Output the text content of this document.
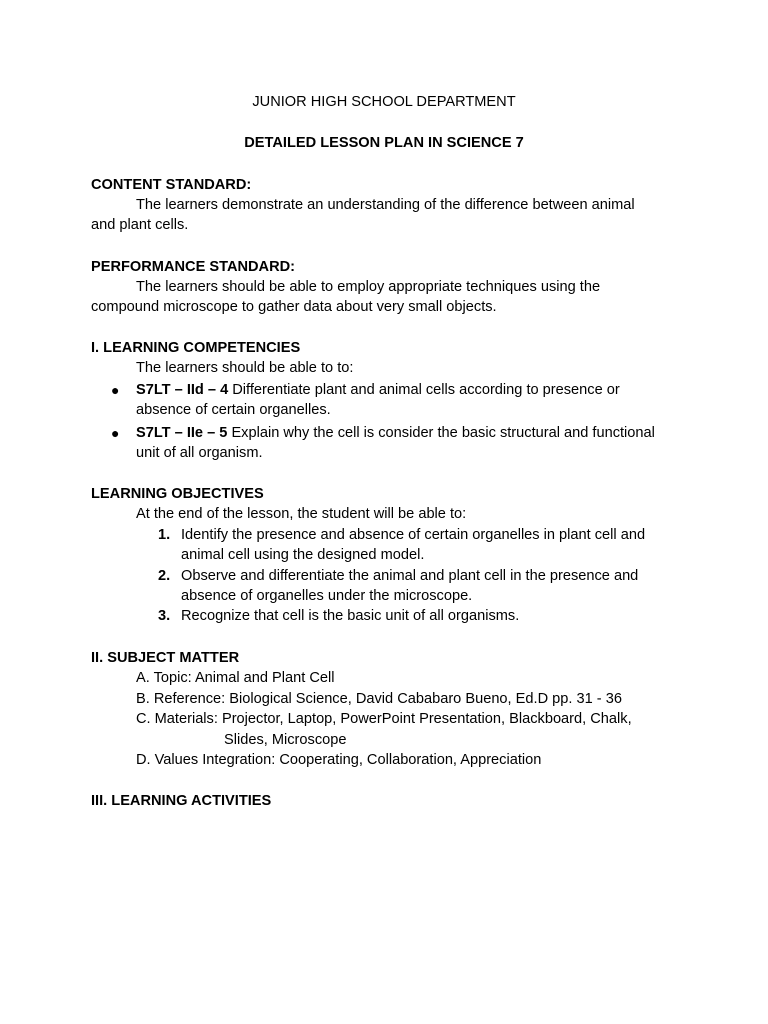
JUNIOR HIGH SCHOOL DEPARTMENT
DETAILED LESSON PLAN IN SCIENCE 7
CONTENT STANDARD:
The learners demonstrate an understanding of the difference between animal
and plant cells.
PERFORMANCE STANDARD:
The learners should be able to employ appropriate techniques using the
compound microscope to gather data about very small objects.
I. LEARNING COMPETENCIES
The learners should be able to to:
● S7LT – IId – 4 Differentiate plant and animal cells according to presence or
absence of certain organelles.
● S7LT – IIe – 5 Explain why the cell is consider the basic structural and functional
unit of all organism.
LEARNING OBJECTIVES
At the end of the lesson, the student will be able to:
1. Identify the presence and absence of certain organelles in plant cell and
animal cell using the designed model.
2. Observe and differentiate the animal and plant cell in the presence and
absence of organelles under the microscope.
3. Recognize that cell is the basic unit of all organisms.
II. SUBJECT MATTER
A. Topic: Animal and Plant Cell
B. Reference: Biological Science, David Cababaro Bueno, Ed.D pp. 31 - 36
C. Materials: Projector, Laptop, PowerPoint Presentation, Blackboard, Chalk,
Slides, Microscope
D. Values Integration: Cooperating, Collaboration, Appreciation
III. LEARNING ACTIVITIES
